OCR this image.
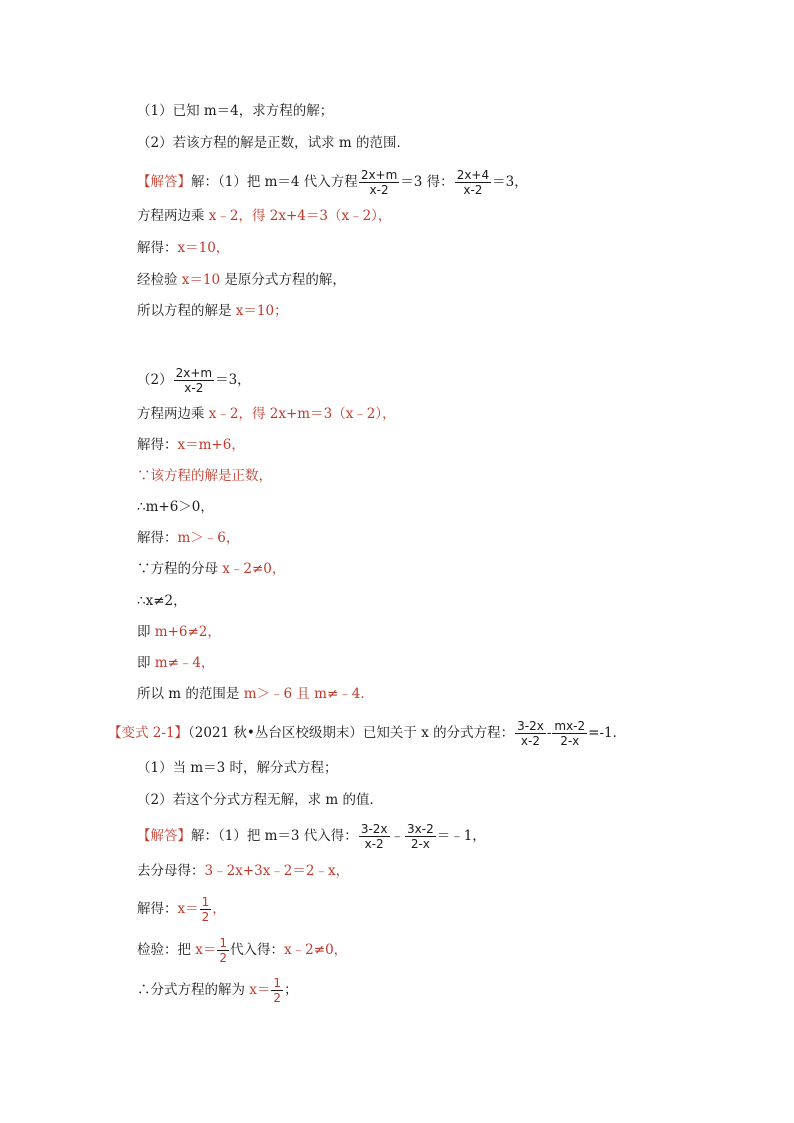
（1）已知 m＝4，求方程的解；
（2）若该方程的解是正数，试求 m 的范围．
【解答】解：（1）把 m＝4 代入方程 $\frac{2x+m}{x-2} =3$ 得： $\frac{2x+4}{x-2} =3$，
方程两边乘 x﹣2，得 2x+4＝3（x﹣2），
解得：x＝10，
经检验 x＝10 是原分式方程的解，
所以方程的解是 x＝10；
$(2) \frac{2x+m}{x-2} =3$，
方程两边乘 x﹣2，得 2x+m＝3（x﹣2），
解得：x＝m+6，
∵该方程的解是正数，
∴m+6＞0，
解得：m＞﹣6，
∵方程的分母 x﹣2≠0，
∴x≠2，
即 m+6≠2，
即 m≠﹣4，
所以 m 的范围是 m＞﹣6 且 m≠﹣4．
【变式 2-1】（2021 秋•丛台区校级期末）已知关于 x 的分式方程： $\frac{3-2x}{x-2} - \frac{mx-2}{2-x} =-1$．
（1）当 m＝3 时，解分式方程；
（2）若这个分式方程无解，求 m 的值．
【解答】解：（1）把 m＝3 代入得： $\frac{3-2x}{x-2}$ ﹣ $\frac{3x-2}{2-x}$ ＝﹣1，
去分母得：3﹣2x+3x﹣2＝2﹣x，
解得：$x= \frac{1}{2}$ ，
检验：把 $x= \frac{1}{2}$ 代入得：x﹣2≠0，
∴分式方程的解为 $x= \frac{1}{2}$ ；
